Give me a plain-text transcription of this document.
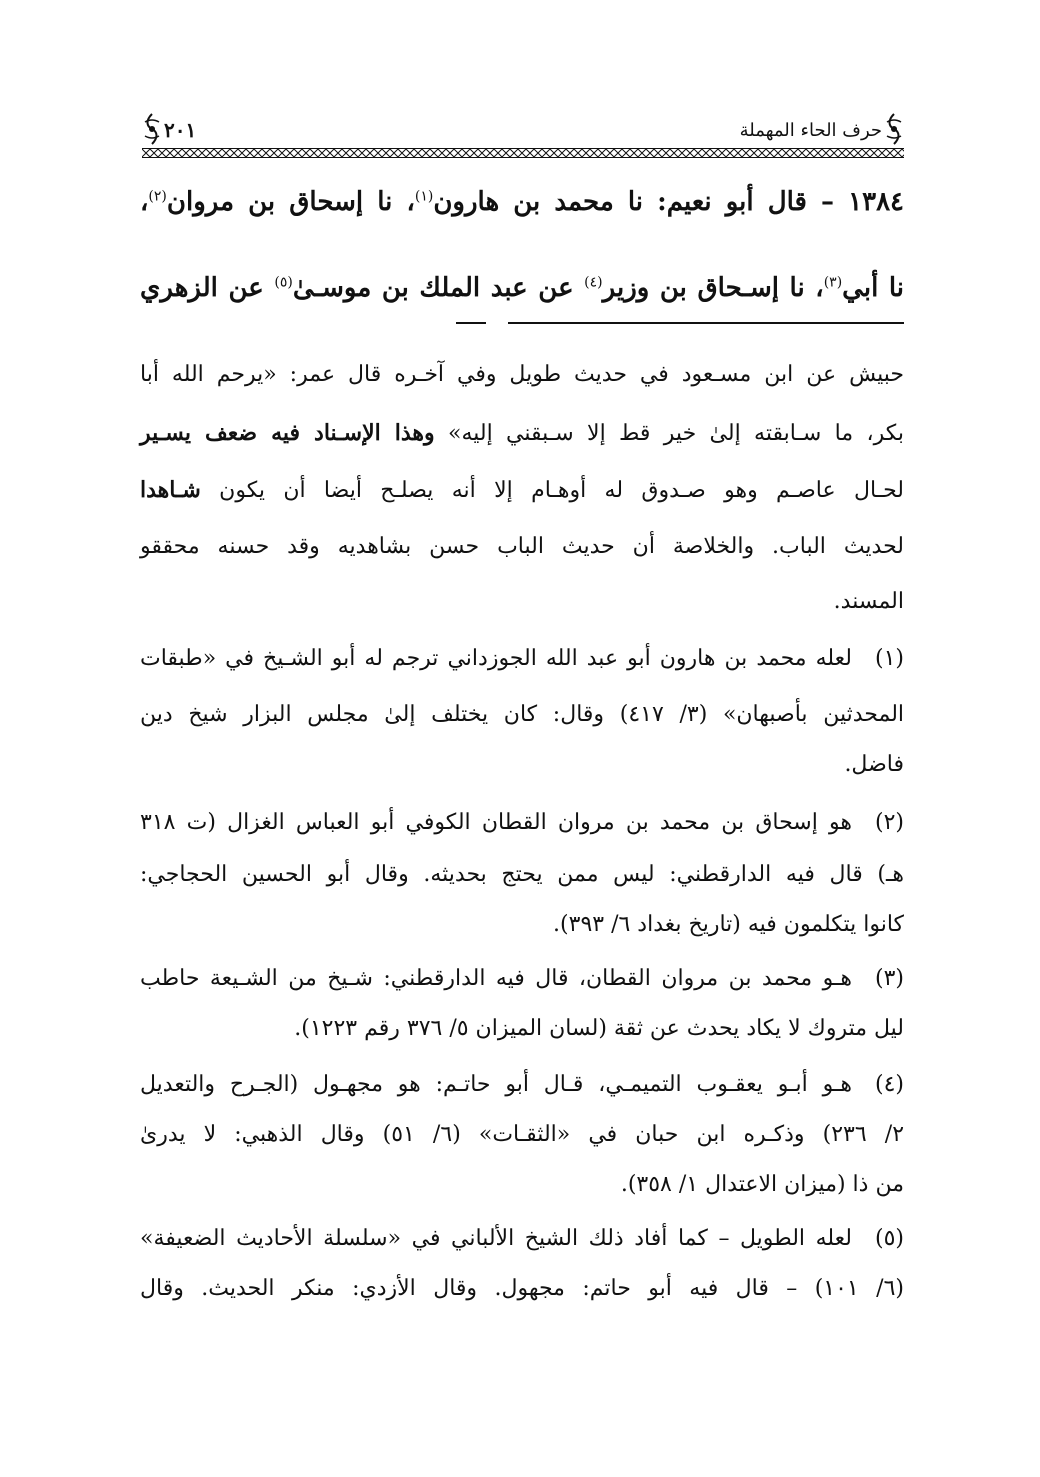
حرف الحاء المهملة
٢٠١
١٣٨٤ – قال أبو نعيم: نا محمد بن هارون$^{(١)}$، نا إسحاق بن مروان$^{(٢)}$،
نا أبي$^{(٣)}$، نا إسـحاق بن وزير$^{(٤)}$ عن عبد الملك بن موسـىٰ$^{(٥)}$ عن الزهري
حبيش عن ابن مسـعود في حديث طويل وفي آخـره قال عمر: «يرحم الله أبا
بكر، ما سـابقته إلىٰ خير قط إلا سـبقني إليه» وهذا الإسـناد فيه ضعف يسـير
لحـال عاصـم وهو صـدوق له أوهـام إلا أنه يصلـح أيضا أن يكون شـاهدا
لحديث الباب. والخلاصة أن حديث الباب حسن بشاهديه وقد حسنه محققو
المسند.
(١)
لعله محمد بن هارون أبو عبد الله الجوزداني ترجم له أبو الشـيخ في «طبقات
المحدثين بأصبهان» (٣/ ٤١٧) وقال: كان يختلف إلىٰ مجلس البزار شيخ دين
فاضل.
(٢)
هو إسحاق بن محمد بن مروان القطان الكوفي أبو العباس الغزال (ت ٣١٨
هـ) قال فيه الدارقطني: ليس ممن يحتج بحديثه. وقال أبو الحسين الحجاجي:
كانوا يتكلمون فيه (تاريخ بغداد ٦/ ٣٩٣).
(٣)
هـو محمد بن مروان القطان، قال فيه الدارقطني: شـيخ من الشـيعة حاطب
ليل متروك لا يكاد يحدث عن ثقة (لسان الميزان ٥/ ٣٧٦ رقم ١٢٢٣).
(٤)
هـو أبـو يعقـوب التميمـي، قـال أبو حاتـم: هو مجهـول (الجـرح والتعديل
٢/ ٢٣٦) وذكـره ابن حبان في «الثقـات» (٦/ ٥١) وقال الذهبي: لا يدرىٰ
من ذا (ميزان الاعتدال ١/ ٣٥٨).
(٥)
لعله الطويل – كما أفاد ذلك الشيخ الألباني في «سلسلة الأحاديث الضعيفة»
(٦/ ١٠١) – قال فيه أبو حاتم: مجهول. وقال الأزدي: منكر الحديث. وقال
